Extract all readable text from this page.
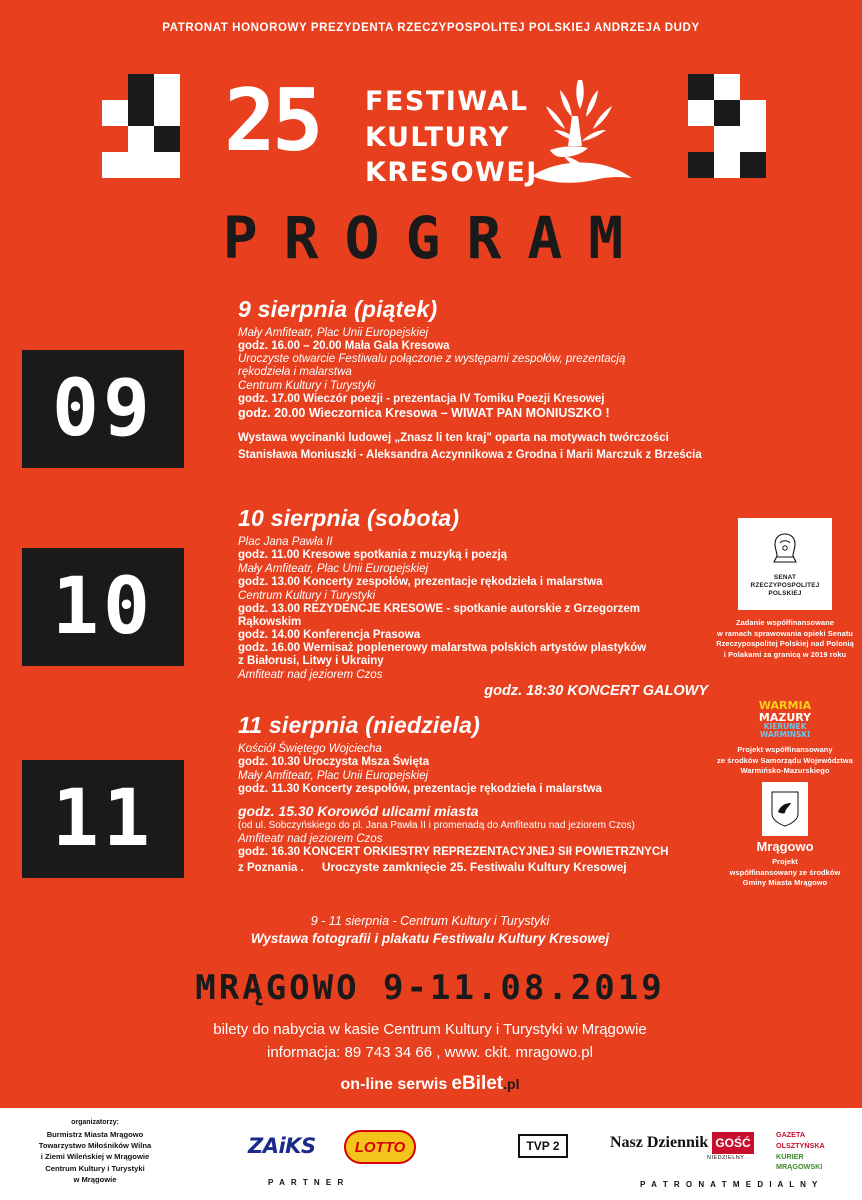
PATRONAT HONOROWY PREZYDENTA RZECZYPOSPOLITEJ POLSKIEJ ANDRZEJA DUDY
25 FESTIWAL
KULTURY
KRESOWEJ
PROGRAM
09
10
11
9 sierpnia (piątek)
Mały Amfiteatr, Plac Unii Europejskiej
godz. 16.00 – 20.00 Mała Gala Kresowa
Uroczyste otwarcie Festiwalu połączone z występami zespołów, prezentacją
rękodzieła i malarstwa
Centrum Kultury i Turystyki
godz. 17.00 Wieczór poezji - prezentacja IV Tomiku Poezji Kresowej
godz. 20.00 Wieczornica Kresowa – WIWAT PAN MONIUSZKO !
Wystawa wycinanki ludowej „Znasz li ten kraj" oparta na motywach twórczości
Stanisława Moniuszki - Aleksandra Aczynnikowa z Grodna i Marii Marczuk z Brześcia
10 sierpnia (sobota)
Plac Jana Pawła II
godz. 11.00 Kresowe spotkania z muzyką i poezją
Mały Amfiteatr, Plac Unii Europejskiej
godz. 13.00 Koncerty zespołów, prezentacje rękodzieła i malarstwa
Centrum Kultury i Turystyki
godz. 13.00 REZYDENCJE KRESOWE - spotkanie autorskie z Grzegorzem
Rąkowskim
godz. 14.00 Konferencja Prasowa
godz. 16.00 Wernisaż poplenerowy malarstwa polskich artystów plastyków
z Białorusi, Litwy i Ukrainy
Amfiteatr nad jeziorem Czos
godz. 18:30 KONCERT GALOWY
11 sierpnia (niedziela)
Kościół Świętego Wojciecha
godz. 10.30 Uroczysta Msza Święta
Mały Amfiteatr, Plac Unii Europejskiej
godz. 11.30 Koncerty zespołów, prezentacje rękodzieła i malarstwa
godz. 15.30 Korowód ulicami miasta
(od ul. Sobczyńskiego do pl. Jana Pawła II i promenadą do Amfiteatru nad jeziorem Czos)
Amfiteatr nad jeziorem Czos
godz. 16.30 KONCERT ORKIESTRY REPREZENTACYJNEJ SIł POWIETRZNYCH
z Poznania . Uroczyste zamknięcie 25. Festiwalu Kultury Kresowej
9 - 11 sierpnia - Centrum Kultury i Turystyki
Wystawa fotografii i plakatu Festiwalu Kultury Kresowej
MRĄGOWO 9-11.08.2019
bilety do nabycia w kasie Centrum Kultury i Turystyki w Mrągowie
informacja: 89 743 34 66 , www. ckit. mragowo.pl
on-line serwis eBilet.pl
SENAT
RZECZYPOSPOLITEJ
POLSKIEJ
Zadanie współfinansowane
w ramach sprawowania opieki Senatu
Rzeczypospolitej Polskiej nad Polonią
i Polakami za granicą w 2019 roku
WARMIA
MAZURY
KIERUNEK
WARMIŃSKI
Projekt współfinansowany
ze środków Samorządu Województwa
Warmińsko-Mazurskiego
Mrągowo
Projekt
współfinansowany ze środków
Gminy Miasta Mrągowo
organizatorzy:
Burmistrz Miasta Mrągowo
Towarzystwo Miłośników Wilna
i Ziemi Wileńskiej w Mrągowie
Centrum Kultury i Turystyki
w Mrągowie
ZAiKS	LOTTO
P A R T N E R
TVP 2	Nasz Dziennik GOŚĆ
NIEDZIELNY
GAZETA
OLSZTYŃSKA
KURIER
MRĄGOWSKI
P A T R O N A T M E D I A L N Y
